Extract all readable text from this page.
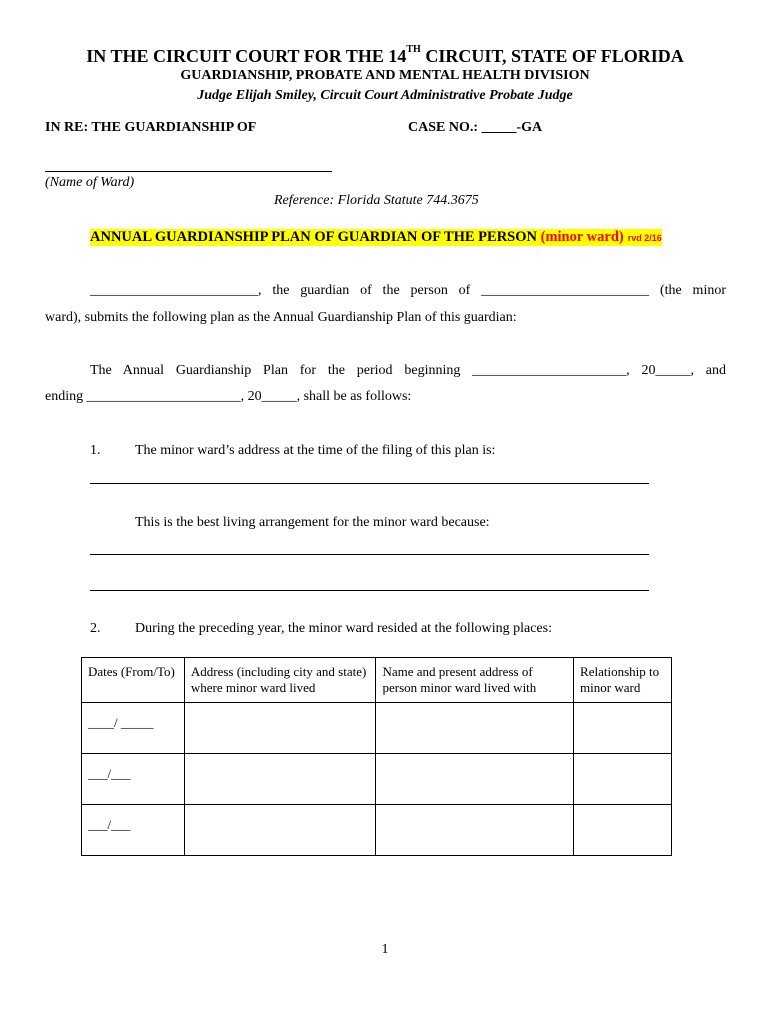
IN THE CIRCUIT COURT FOR THE 14TH CIRCUIT, STATE OF FLORIDA
GUARDIANSHIP, PROBATE AND MENTAL HEALTH DIVISION
Judge Elijah Smiley, Circuit Court Administrative Probate Judge
IN RE: THE GUARDIANSHIP OF	CASE NO.: _____-GA
(Name of Ward)
Reference: Florida Statute 744.3675
ANNUAL GUARDIANSHIP PLAN OF GUARDIAN OF THE PERSON (minor ward) rvd 2/16
________________________, the guardian of the person of ________________________ (the minor
ward), submits the following plan as the Annual Guardianship Plan of this guardian:
The Annual Guardianship Plan for the period beginning ______________________, 20_____, and
ending ______________________, 20_____, shall be as follows:
1. The minor ward’s address at the time of the filing of this plan is:
This is the best living arrangement for the minor ward because:
2. During the preceding year, the minor ward resided at the following places:
Dates (From/To)	Address (including city and state) where minor ward lived	Name and present address of person minor ward lived with	Relationship to minor ward
____/ _____			
___/___			
___/___			
1
